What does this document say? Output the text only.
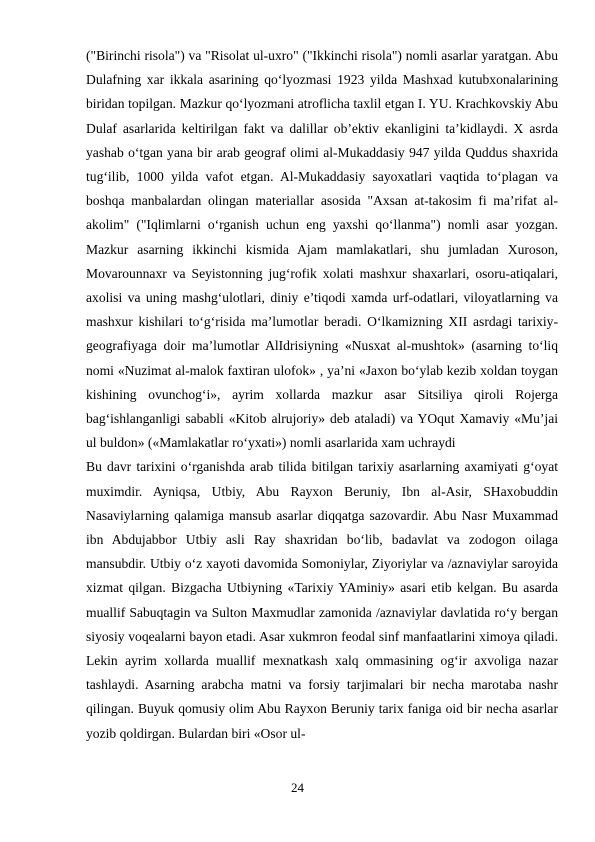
("Birinchi risola") va "Risolat ul-uxro" ("Ikkinchi risola") nomli asarlar yaratgan. Abu Dulafning xar ikkala asarining qo‘lyozmasi 1923 yilda Mashxad kutubxonalarining biridan topilgan. Mazkur qo‘lyozmani atroflicha taxlil etgan I. YU. Krachkovskiy Abu Dulaf asarlarida keltirilgan fakt va dalillar ob’ektiv ekanligini ta’kidlaydi. X asrda yashab o‘tgan yana bir arab geograf olimi al-Mukaddasiy 947 yilda Quddus shaxrida tug‘ilib, 1000 yilda vafot etgan. Al-Mukaddasiy sayoxatlari vaqtida to‘plagan va boshqa manbalardan olingan materiallar asosida "Axsan at-takosim fi ma’rifat al-akolim" ("Iqlimlarni o‘rganish uchun eng yaxshi qo‘llanma") nomli asar yozgan. Mazkur asarning ikkinchi kismida Ajam mamlakatlari, shu jumladan Xuroson, Movarounnaxr va Seyistonning jug‘rofik xolati mashxur shaxarlari, osoru-atiqalari, axolisi va uning mashg‘ulotlari, diniy e’tiqodi xamda urf-odatlari, viloyatlarning va mashxur kishilari to‘g‘risida ma’lumotlar beradi. O‘lkamizning XII asrdagi tarixiy-geografiyaga doir ma’lumotlar AlIdrisiyning «Nusxat al-mushtok» (asarning to‘liq nomi «Nuzimat al-malok faxtiran ulofok» , ya’ni «Jaxon bo‘ylab kezib xoldan toygan kishining ovunchog‘i», ayrim xollarda mazkur asar Sitsiliya qiroli Rojerga bag‘ishlanganligi sababli «Kitob alrujoriy» deb ataladi) va YOqut Xamaviy «Mu’jai ul buldon» («Mamlakatlar ro‘yxati») nomli asarlarida xam uchraydi

Bu davr tarixini o‘rganishda arab tilida bitilgan tarixiy asarlarning axamiyati g‘oyat muximdir. Ayniqsa, Utbiy, Abu Rayxon Beruniy, Ibn al-Asir, SHaxobuddin Nasaviylarning qalamiga mansub asarlar diqqatga sazovardir. Abu Nasr Muxammad ibn Abdujabbor Utbiy asli Ray shaxridan bo‘lib, badavlat va zodogon oilaga mansubdir. Utbiy o‘z xayoti davomida Somoniylar, Ziyoriylar va /aznaviylar saroyida xizmat qilgan. Bizgacha Utbiyning «Tarixiy YAminiy» asari etib kelgan. Bu asarda muallif Sabuqtagin va Sulton Maxmudlar zamonida /aznaviylar davlatida ro‘y bergan siyosiy voqealarni bayon etadi. Asar xukmron feodal sinf manfaatlarini ximoya qiladi. Lekin ayrim xollarda muallif mexnatkash xalq ommasining og‘ir axvoliga nazar tashlaydi. Asarning arabcha matni va forsiy tarjimalari bir necha marotaba nashr qilingan. Buyuk qomusiy olim Abu Rayxon Beruniy tarix faniga oid bir necha asarlar yozib qoldirgan. Bulardan biri «Osor ul-

24
